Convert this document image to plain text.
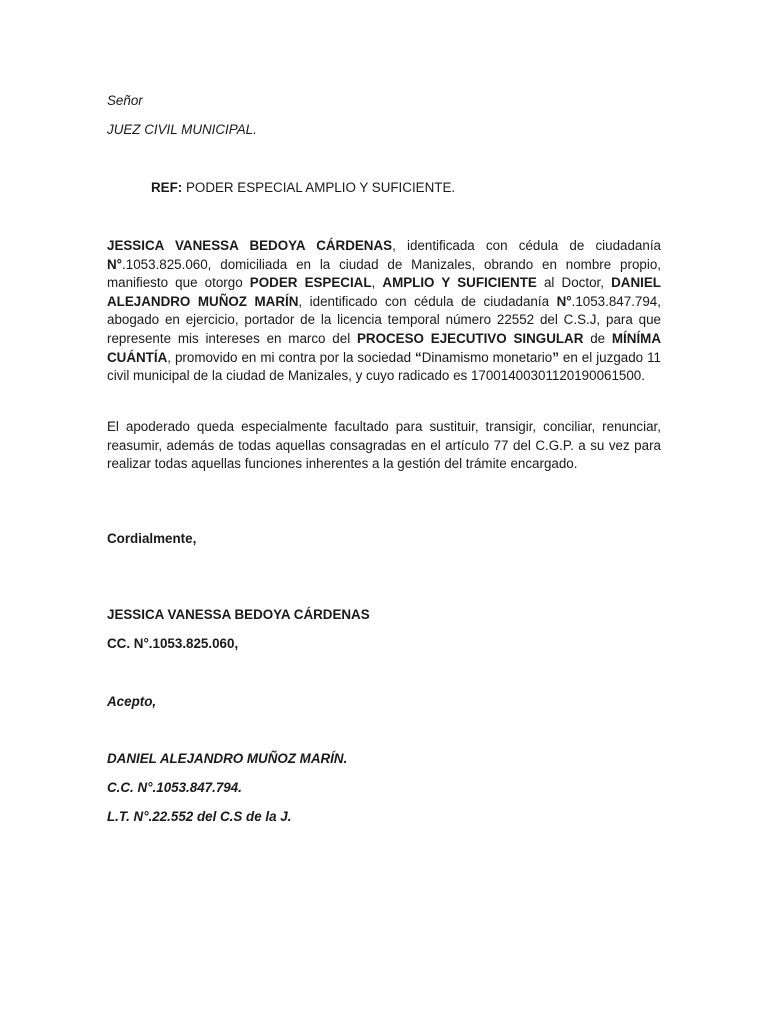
Señor
JUEZ CIVIL MUNICIPAL.
REF: PODER ESPECIAL AMPLIO Y SUFICIENTE.

JESSICA VANESSA BEDOYA CÁRDENAS, identificada con cédula de ciudadanía N°.1053.825.060, domiciliada en la ciudad de Manizales, obrando en nombre propio, manifiesto que otorgo PODER ESPECIAL, AMPLIO Y SUFICIENTE al Doctor, DANIEL ALEJANDRO MUÑOZ MARÍN, identificado con cédula de ciudadanía N°.1053.847.794, abogado en ejercicio, portador de la licencia temporal número 22552 del C.S.J, para que represente mis intereses en marco del PROCESO EJECUTIVO SINGULAR de MÍNÍMA CUÁNTÍA, promovido en mi contra por la sociedad “Dinamismo monetario” en el juzgado 11 civil municipal de la ciudad de Manizales, y cuyo radicado es 17001400301120190061500.

El apoderado queda especialmente facultado para sustituir, transigir, conciliar, renunciar, reasumir, además de todas aquellas consagradas en el artículo 77 del C.G.P. a su vez para realizar todas aquellas funciones inherentes a la gestión del trámite encargado.

Cordialmente,
JESSICA VANESSA BEDOYA CÁRDENAS
CC. N°.1053.825.060,
Acepto,
DANIEL ALEJANDRO MUÑOZ MARÍN.
C.C. N°.1053.847.794.
L.T. N°.22.552 del C.S de la J.
